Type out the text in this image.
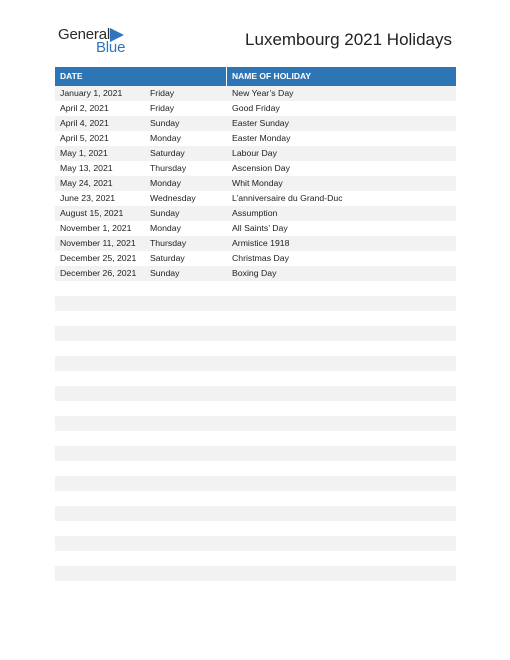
General
Blue	Luxembourg 2021 Holidays
DATE	NAME OF HOLIDAY
January 1, 2021	Friday	New Year’s Day
April 2, 2021	Friday	Good Friday
April 4, 2021	Sunday	Easter Sunday
April 5, 2021	Monday	Easter Monday
May 1, 2021	Saturday	Labour Day
May 13, 2021	Thursday	Ascension Day
May 24, 2021	Monday	Whit Monday
June 23, 2021	Wednesday	L’anniversaire du Grand-Duc
August 15, 2021	Sunday	Assumption
November 1, 2021	Monday	All Saints’ Day
November 11, 2021	Thursday	Armistice 1918
December 25, 2021	Saturday	Christmas Day
December 26, 2021	Sunday	Boxing Day
